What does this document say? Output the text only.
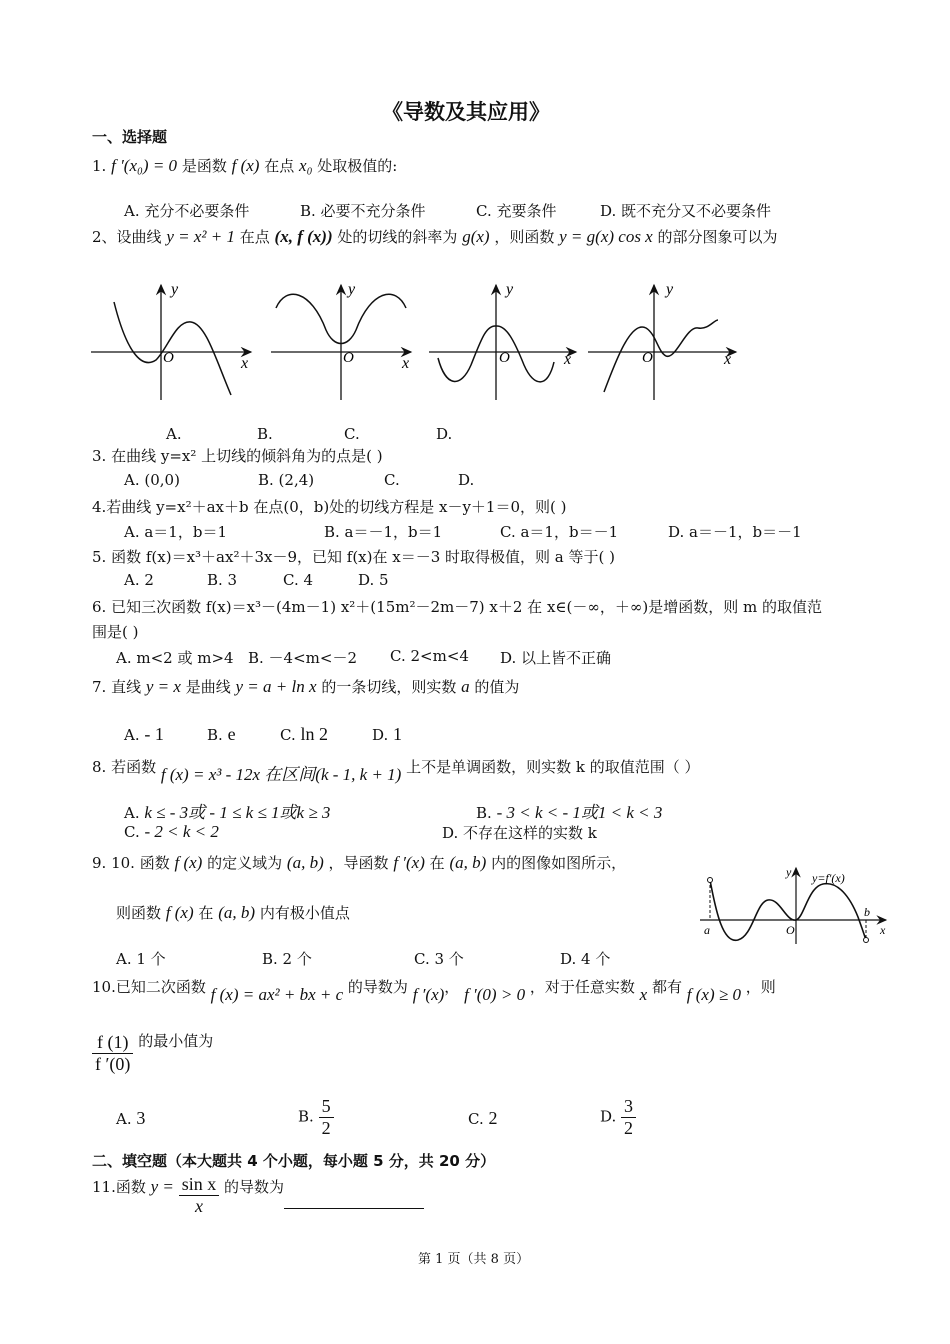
《导数及其应用》
一、选择题
1. f ′(x₀) = 0 是函数 f (x) 在点 x₀ 处取极值的:
A. 充分不必要条件	B. 必要不充分条件	C. 充要条件	D. 既不充分又不必要条件
2、设曲线 y = x² + 1 在点 (x, f (x)) 处的切线的斜率为 g(x) ，则函数 y = g(x) cos x 的部分图象可以为
y
x
O
y
x
O
y
x
O
y
x
O
A.	B.	C.	D.
3. 在曲线 y=x² 上切线的倾斜角为的点是( )
A. (0,0)	B. (2,4)	C.	D.
4.若曲线 y=x²＋ax＋b 在点(0，b)处的切线方程是 x－y＋1＝0，则( )
A. a＝1，b＝1	B. a＝－1，b＝1	C. a＝1，b＝－1	D. a＝－1，b＝－1
5. 函数 f(x)＝x³＋ax²＋3x－9，已知 f(x)在 x＝－3 时取得极值，则 a 等于( )
A. 2	B. 3	C. 4	D. 5
6. 已知三次函数 f(x)＝x³－(4m－1) x²＋(15m²－2m－7) x＋2 在 x∈(－∞，＋∞)是增函数，则 m 的取值范
围是( )
A. m<2 或 m>4 B. －4<m<－2 C. 2<m<4 D. 以上皆不正确
7. 直线 y = x 是曲线 y = a + ln x 的一条切线，则实数 a 的值为
A. - 1	B. e	C. ln 2	D. 1
8. 若函数 f (x) = x³ - 12x 在区间(k - 1, k + 1) 上不是单调函数，则实数 k 的取值范围（ ）
A. k ≤ - 3或 - 1 ≤ k ≤ 1或k ≥ 3	B. - 3 < k < - 1或1 < k < 3
C. - 2 < k < 2	D. 不存在这样的实数 k
9. 10. 函数 f (x) 的定义域为 (a, b) ，导函数 f ′(x) 在 (a, b) 内的图像如图所示，
则函数 f (x) 在 (a, b) 内有极小值点
y=f′(x)
a
b
O	x
y
A. 1 个	B. 2 个	C. 3 个	D. 4 个
10.已知二次函数 f (x) = ax² + bx + c 的导数为 f ′(x)， f ′(0) > 0 ，对于任意实数 x 都有 f (x) ≥ 0 ，则
$\frac{f (1)}{f '(0)}$ 的最小值为
A. 3	B. $\frac{5}{2}$	C. 2	D. $\frac{3}{2}$
二、填空题（本大题共 4 个小题，每小题 5 分，共 20 分）
11.函数 $y = \frac{\text{sin x}}{x}$ 的导数为
第 1 页（共 8 页）
